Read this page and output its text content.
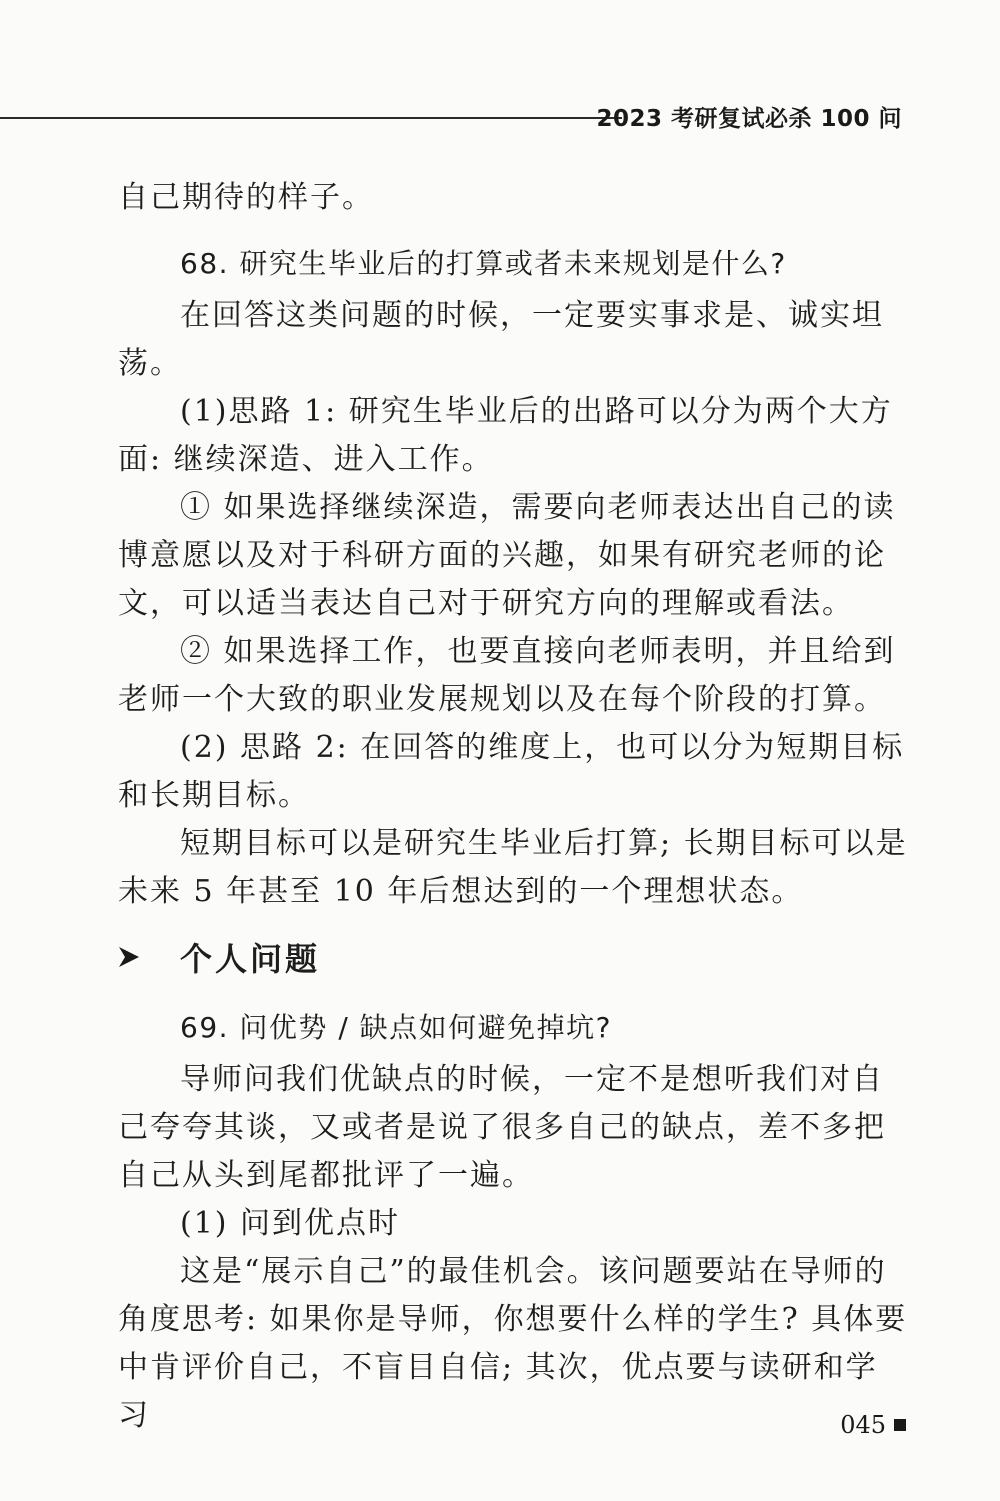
2023 考研复试必杀 100 问

自己期待的样子。

68. 研究生毕业后的打算或者未来规划是什么?

在回答这类问题的时候，一定要实事求是、诚实坦荡。

(1)思路 1: 研究生毕业后的出路可以分为两个大方面: 继续深造、进入工作。

① 如果选择继续深造，需要向老师表达出自己的读博意愿以及对于科研方面的兴趣，如果有研究老师的论文，可以适当表达自己对于研究方向的理解或看法。

② 如果选择工作，也要直接向老师表明，并且给到老师一个大致的职业发展规划以及在每个阶段的打算。

(2) 思路 2: 在回答的维度上，也可以分为短期目标和长期目标。

短期目标可以是研究生毕业后打算; 长期目标可以是未来 5 年甚至 10 年后想达到的一个理想状态。

个人问题

69. 问优势 / 缺点如何避免掉坑?

导师问我们优缺点的时候，一定不是想听我们对自己夸夸其谈，又或者是说了很多自己的缺点，差不多把自己从头到尾都批评了一遍。

(1) 问到优点时

这是“展示自己”的最佳机会。该问题要站在导师的角度思考: 如果你是导师，你想要什么样的学生? 具体要中肯评价自己，不盲目自信; 其次，优点要与读研和学习	045
